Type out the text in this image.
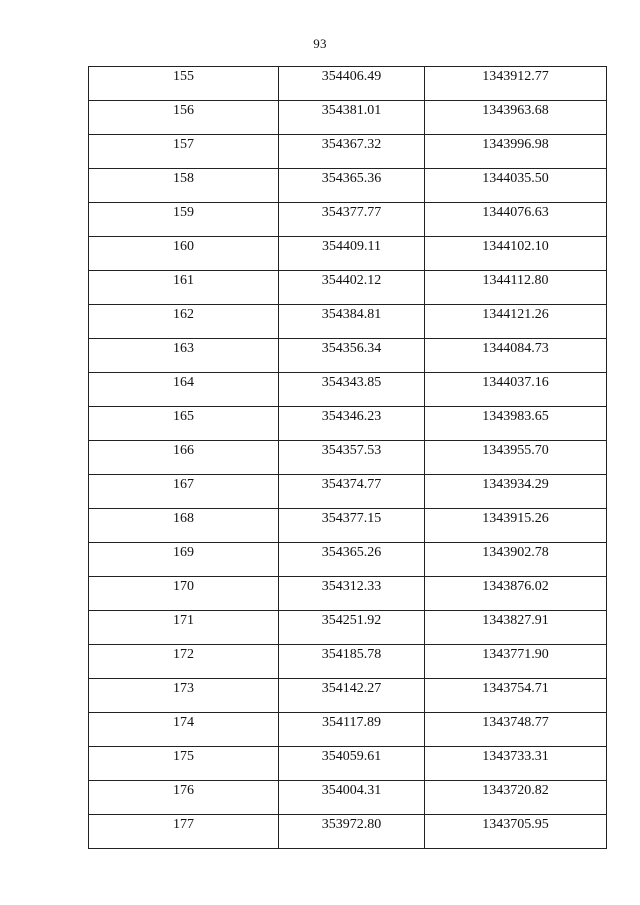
93
155	354406.49	1343912.77
156	354381.01	1343963.68
157	354367.32	1343996.98
158	354365.36	1344035.50
159	354377.77	1344076.63
160	354409.11	1344102.10
161	354402.12	1344112.80
162	354384.81	1344121.26
163	354356.34	1344084.73
164	354343.85	1344037.16
165	354346.23	1343983.65
166	354357.53	1343955.70
167	354374.77	1343934.29
168	354377.15	1343915.26
169	354365.26	1343902.78
170	354312.33	1343876.02
171	354251.92	1343827.91
172	354185.78	1343771.90
173	354142.27	1343754.71
174	354117.89	1343748.77
175	354059.61	1343733.31
176	354004.31	1343720.82
177	353972.80	1343705.95
